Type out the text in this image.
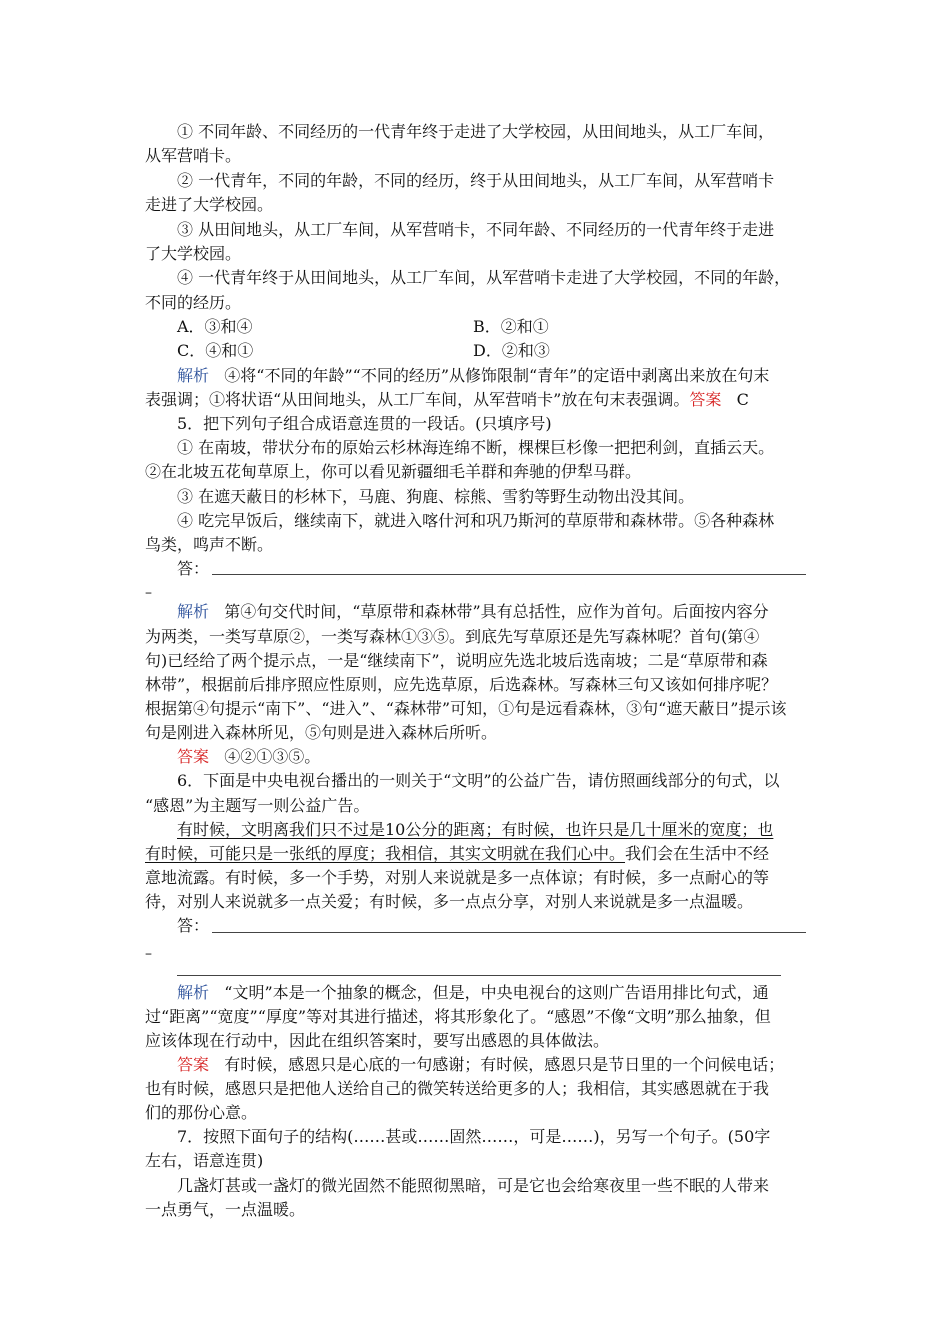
① 不同年龄、不同经历的一代青年终于走进了大学校园，从田间地头，从工厂车间，
从军营哨卡。
② 一代青年，不同的年龄，不同的经历，终于从田间地头，从工厂车间，从军营哨卡
走进了大学校园。
③ 从田间地头，从工厂车间，从军营哨卡，不同年龄、不同经历的一代青年终于走进
了大学校园。
④ 一代青年终于从田间地头，从工厂车间，从军营哨卡走进了大学校园，不同的年龄，
不同的经历。
A．③和④	B．②和①
C．④和①	D．②和③
解析 ④将“不同的年龄”“不同的经历”从修饰限制“青年”的定语中剥离出来放在句末
表强调；①将状语“从田间地头，从工厂车间，从军营哨卡”放在句末表强调。答案 C
5．把下列句子组合成语意连贯的一段话。(只填序号)
① 在南坡，带状分布的原始云杉林海连绵不断，棵棵巨杉像一把把利剑，直插云天。
②在北坡五花甸草原上，你可以看见新疆细毛羊群和奔驰的伊犁马群。
③ 在遮天蔽日的杉林下，马鹿、狗鹿、棕熊、雪豹等野生动物出没其间。
④ 吃完早饭后，继续南下，就进入喀什河和巩乃斯河的草原带和森林带。⑤各种森林
鸟类，鸣声不断。
答：
–
解析 第④句交代时间，“草原带和森林带”具有总括性，应作为首句。后面按内容分
为两类，一类写草原②，一类写森林①③⑤。到底先写草原还是先写森林呢？首句(第④
句)已经给了两个提示点，一是“继续南下”，说明应先选北坡后选南坡；二是“草原带和森
林带”，根据前后排序照应性原则，应先选草原，后选森林。写森林三句又该如何排序呢？
根据第④句提示“南下”、“进入”、“森林带”可知，①句是远看森林，③句“遮天蔽日”提示该
句是刚进入森林所见，⑤句则是进入森林后所听。
答案 ④②①③⑤。
6．下面是中央电视台播出的一则关于“文明”的公益广告，请仿照画线部分的句式，以
“感恩”为主题写一则公益广告。
有时候，文明离我们只不过是10公分的距离；有时候，也许只是几十厘米的宽度；也
有时候，可能只是一张纸的厚度；我相信，其实文明就在我们心中。我们会在生活中不经
意地流露。有时候，多一个手势，对别人来说就是多一点体谅；有时候，多一点耐心的等
待，对别人来说就多一点关爱；有时候，多一点点分享，对别人来说就是多一点温暖。
答：
–
解析 “文明”本是一个抽象的概念，但是，中央电视台的这则广告语用排比句式，通
过“距离”“宽度”“厚度”等对其进行描述，将其形象化了。“感恩”不像“文明”那么抽象，但
应该体现在行动中，因此在组织答案时，要写出感恩的具体做法。
答案 有时候，感恩只是心底的一句感谢；有时候，感恩只是节日里的一个问候电话；
也有时候，感恩只是把他人送给自己的微笑转送给更多的人；我相信，其实感恩就在于我
们的那份心意。
7．按照下面句子的结构(……甚或……固然……，可是……)，另写一个句子。(50字
左右，语意连贯)
几盏灯甚或一盏灯的微光固然不能照彻黑暗，可是它也会给寒夜里一些不眠的人带来
一点勇气，一点温暖。
